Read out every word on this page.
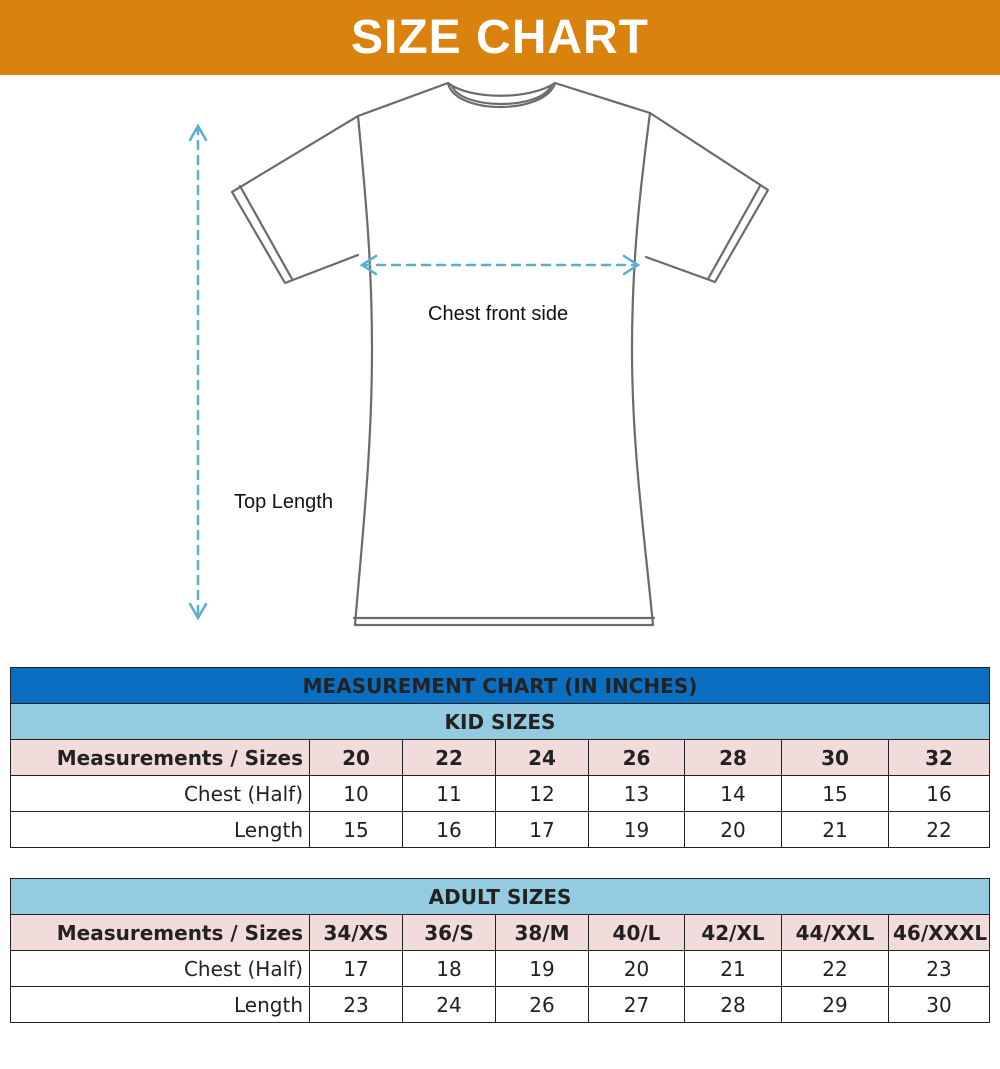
SIZE CHART
Chest front side
Top Length
MEASUREMENT CHART (IN INCHES)							
KID SIZES							
Measurements / Sizes	20	22	24	26	28	30	32
Chest (Half)	10	11	12	13	14	15	16
Length	15	16	17	19	20	21	22
ADULT SIZES							
Measurements / Sizes	34/XS	36/S	38/M	40/L	42/XL	44/XXL	46/XXXL
Chest (Half)	17	18	19	20	21	22	23
Length	23	24	26	27	28	29	30
